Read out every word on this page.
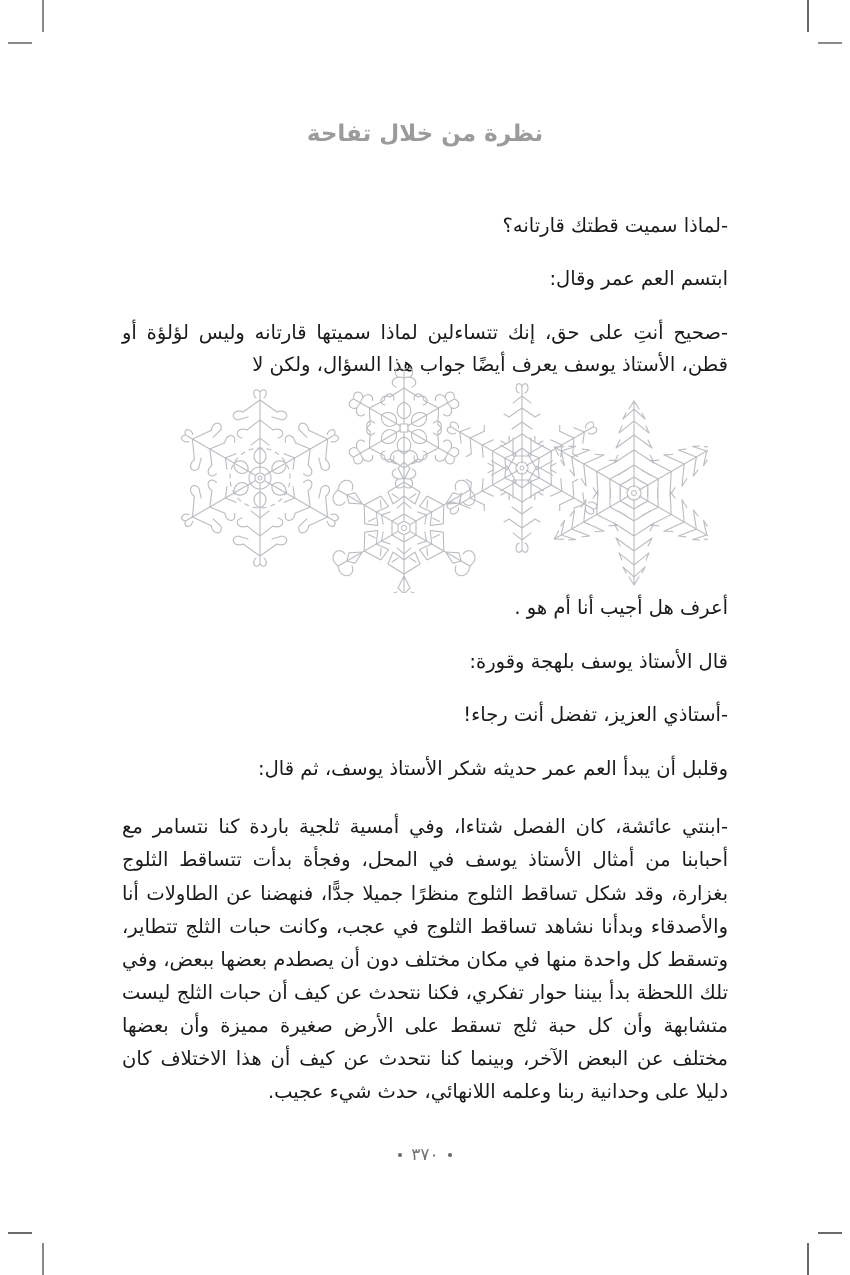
نظرة من خلال تفاحة

-لماذا سميت قطتك قارتانه؟

ابتسم العم عمر وقال:

-صحيح أنتِ على حق، إنك تتساءلين لماذا سميتها قارتانه وليس لؤلؤة أو قطن، الأستاذ يوسف يعرف أيضًا جواب هذا السؤال، ولكن لا

أعرف هل أجيب أنا أم هو .

قال الأستاذ يوسف بلهجة وقورة:

-أستاذي العزيز، تفضل أنت رجاء!

وقلبل أن يبدأ العم عمر حديثه شكر الأستاذ يوسف، ثم قال:

-ابنتي عائشة، كان الفصل شتاءا، وفي أمسية ثلجية باردة كنا نتسامر مع أحبابنا من أمثال الأستاذ يوسف في المحل، وفجأة بدأت تتساقط الثلوج بغزارة، وقد شكل تساقط الثلوج منظرًا جميلا جدًّا، فنهضنا عن الطاولات أنا والأصدقاء وبدأنا نشاهد تساقط الثلوج في عجب، وكانت حبات الثلج تتطاير، وتسقط كل واحدة منها في مكان مختلف دون أن يصطدم بعضها ببعض، وفي تلك اللحظة بدأ بيننا حوار تفكري، فكنا نتحدث عن كيف أن حبات الثلج ليست متشابهة وأن كل حبة ثلج تسقط على الأرض صغيرة مميزة وأن بعضها مختلف عن البعض الآخر، وبينما كنا نتحدث عن كيف أن هذا الاختلاف كان دليلا على وحدانية ربنا وعلمه اللانهائي، حدث شيء عجيب.

٣٧٠
